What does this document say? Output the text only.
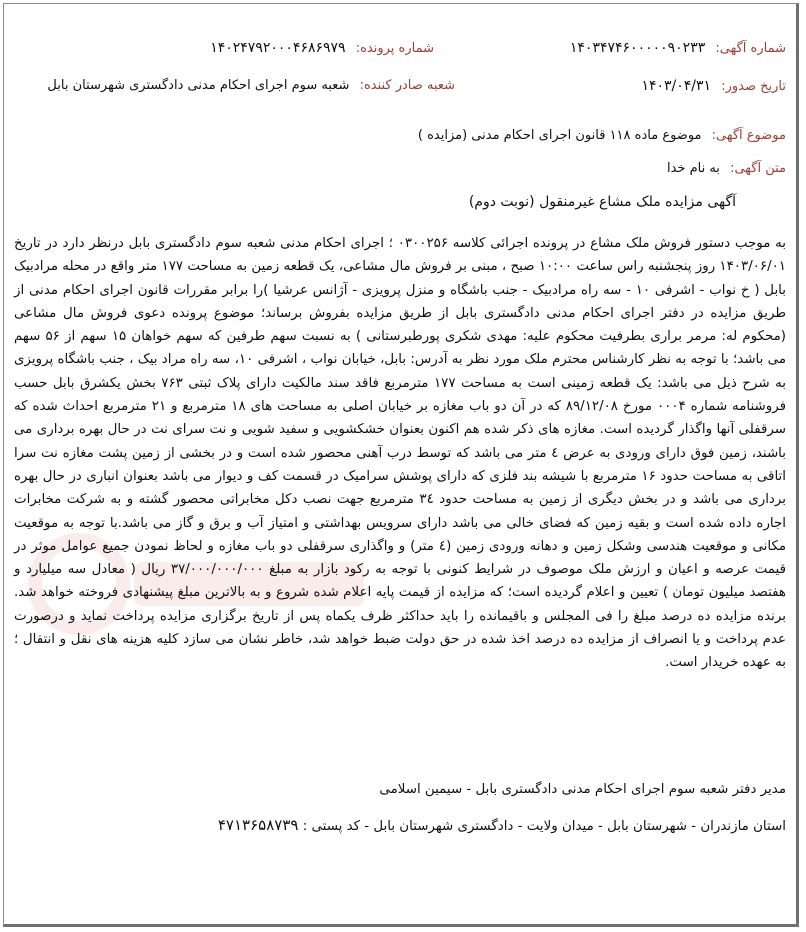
شماره آگهی: ۱۴۰۳۴۷۴۶۰۰۰۰۰۹۰۲۳۳
شماره پرونده: ۱۴۰۲۴۷۹۲۰۰۰۴۶۸۶۹۷۹
تاریخ صدور: ۱۴۰۳/۰۴/۳۱
شعبه صادر کننده: شعبه سوم اجرای احکام مدنی دادگستری شهرستان بابل
موضوع آگهی: موضوع ماده ۱۱۸ قانون اجرای احکام مدنی (مزایده )
متن آگهی: به نام خدا
آگهی مزایده ملک مشاع غیرمنقول (نوبت دوم)
به موجب دستور فروش ملک مشاع در پرونده اجرائی کلاسه ۰۳۰۰۲۵۶ ؛ اجرای احکام مدنی شعبه سوم دادگستری بابل درنظر دارد در تاریخ ۱۴۰۳/۰۶/۰۱ روز پنجشنبه راس ساعت ۱۰:۰۰ صبح ، مبنی بر فروش مال مشاعی، یک قطعه زمین به مساحت ۱۷۷ متر واقع در محله مرادبیک بابل ( خ نواب - اشرفی ۱۰ - سه راه مرادبیک - جنب باشگاه و منزل پرویزی - آژانس عرشیا )را برابر مقررات قانون اجرای احکام مدنی از طریق مزایده در دفتر اجرای احکام مدنی دادگستری بابل از طریق مزایده بفروش برساند؛ موضوع پرونده دعوی فروش مال مشاعی (محکوم له: مرمر براری بطرفیت محکوم علیه: مهدی شکری پورطبرستانی ) به نسبت سهم طرفین که سهم خواهان ۱۵ سهم از ۵۶ سهم می باشد؛ با توجه به نظر کارشناس محترم ملک مورد نظر به آدرس: بابل، خیابان نواب ، اشرفی ۱۰، سه راه مراد بیک ، جنب باشگاه پرویزی به شرح ذیل می باشد: یک قطعه زمینی است به مساحت ۱۷۷ مترمربع فاقد سند مالکیت دارای پلاک ثبتی ۷۶۳ بخش یکشرق بابل حسب فروشنامه شماره ۰۰۰۴ مورخ ۸۹/۱۲/۰۸ که در آن دو باب مغازه بر خیابان اصلی به مساحت های ۱۸ مترمربع و ۲۱ مترمربع احداث شده که سرقفلی آنها واگذار گردیده است. مغازه های ذکر شده هم اکنون بعنوان خشکشویی و سفید شویی و نت سرای نت در حال بهره برداری می باشند، زمین فوق دارای ورودی به عرض ٤ متر می باشد که توسط درب آهنی محصور شده است و در بخشی از زمین پشت مغازه نت سرا اتاقی به مساحت حدود ۱۶ مترمربع با شیشه بند فلزی که دارای پوشش سرامیک در قسمت کف و دیوار می باشد بعنوان انباری در حال بهره برداری می باشد و در بخش دیگری از زمین به مساحت حدود ۳٤ مترمربع جهت نصب دکل مخابراتی محصور گشته و به شرکت مخابرات اجاره داده شده است و بقیه زمین که فضای خالی می باشد دارای سرویس بهداشتی و امتیاز آب و برق و گاز می باشد.با توجه به موقعیت مکانی و موقعیت هندسی وشکل زمین و دهانه ورودی زمین (٤ متر) و واگذاری سرقفلی دو باب مغازه و لحاظ نمودن جمیع عوامل موثر در قیمت عرصه و اعیان و ارزش ملک موصوف در شرایط کنونی با توجه به رکود بازار به مبلغ ۳۷/۰۰۰/۰۰۰/۰۰۰ ریال ( معادل سه میلیارد و هفتصد میلیون تومان ) تعیین و اعلام گردیده است؛ که مزایده از قیمت پایه اعلام شده شروع و به بالاترین مبلغ پیشنهادی فروخته خواهد شد. برنده مزایده ده درصد مبلغ را فی المجلس و باقیمانده را باید حداکثر ظرف یکماه پس از تاریخ برگزاری مزایده پرداخت نماید و درصورت عدم پرداخت و یا انصراف از مزایده ده درصد اخذ شده در حق دولت ضبط خواهد شد، خاطر نشان می سازد کلیه هزینه های نقل و انتقال ؛ به عهده خریدار است.
مدیر دفتر شعبه سوم اجرای احکام مدنی دادگستری بابل - سیمین اسلامی
استان مازندران - شهرستان بابل - میدان ولایت - دادگستری شهرستان بابل - کد پستی : ۴۷۱۳۶۵۸۷۳۹
